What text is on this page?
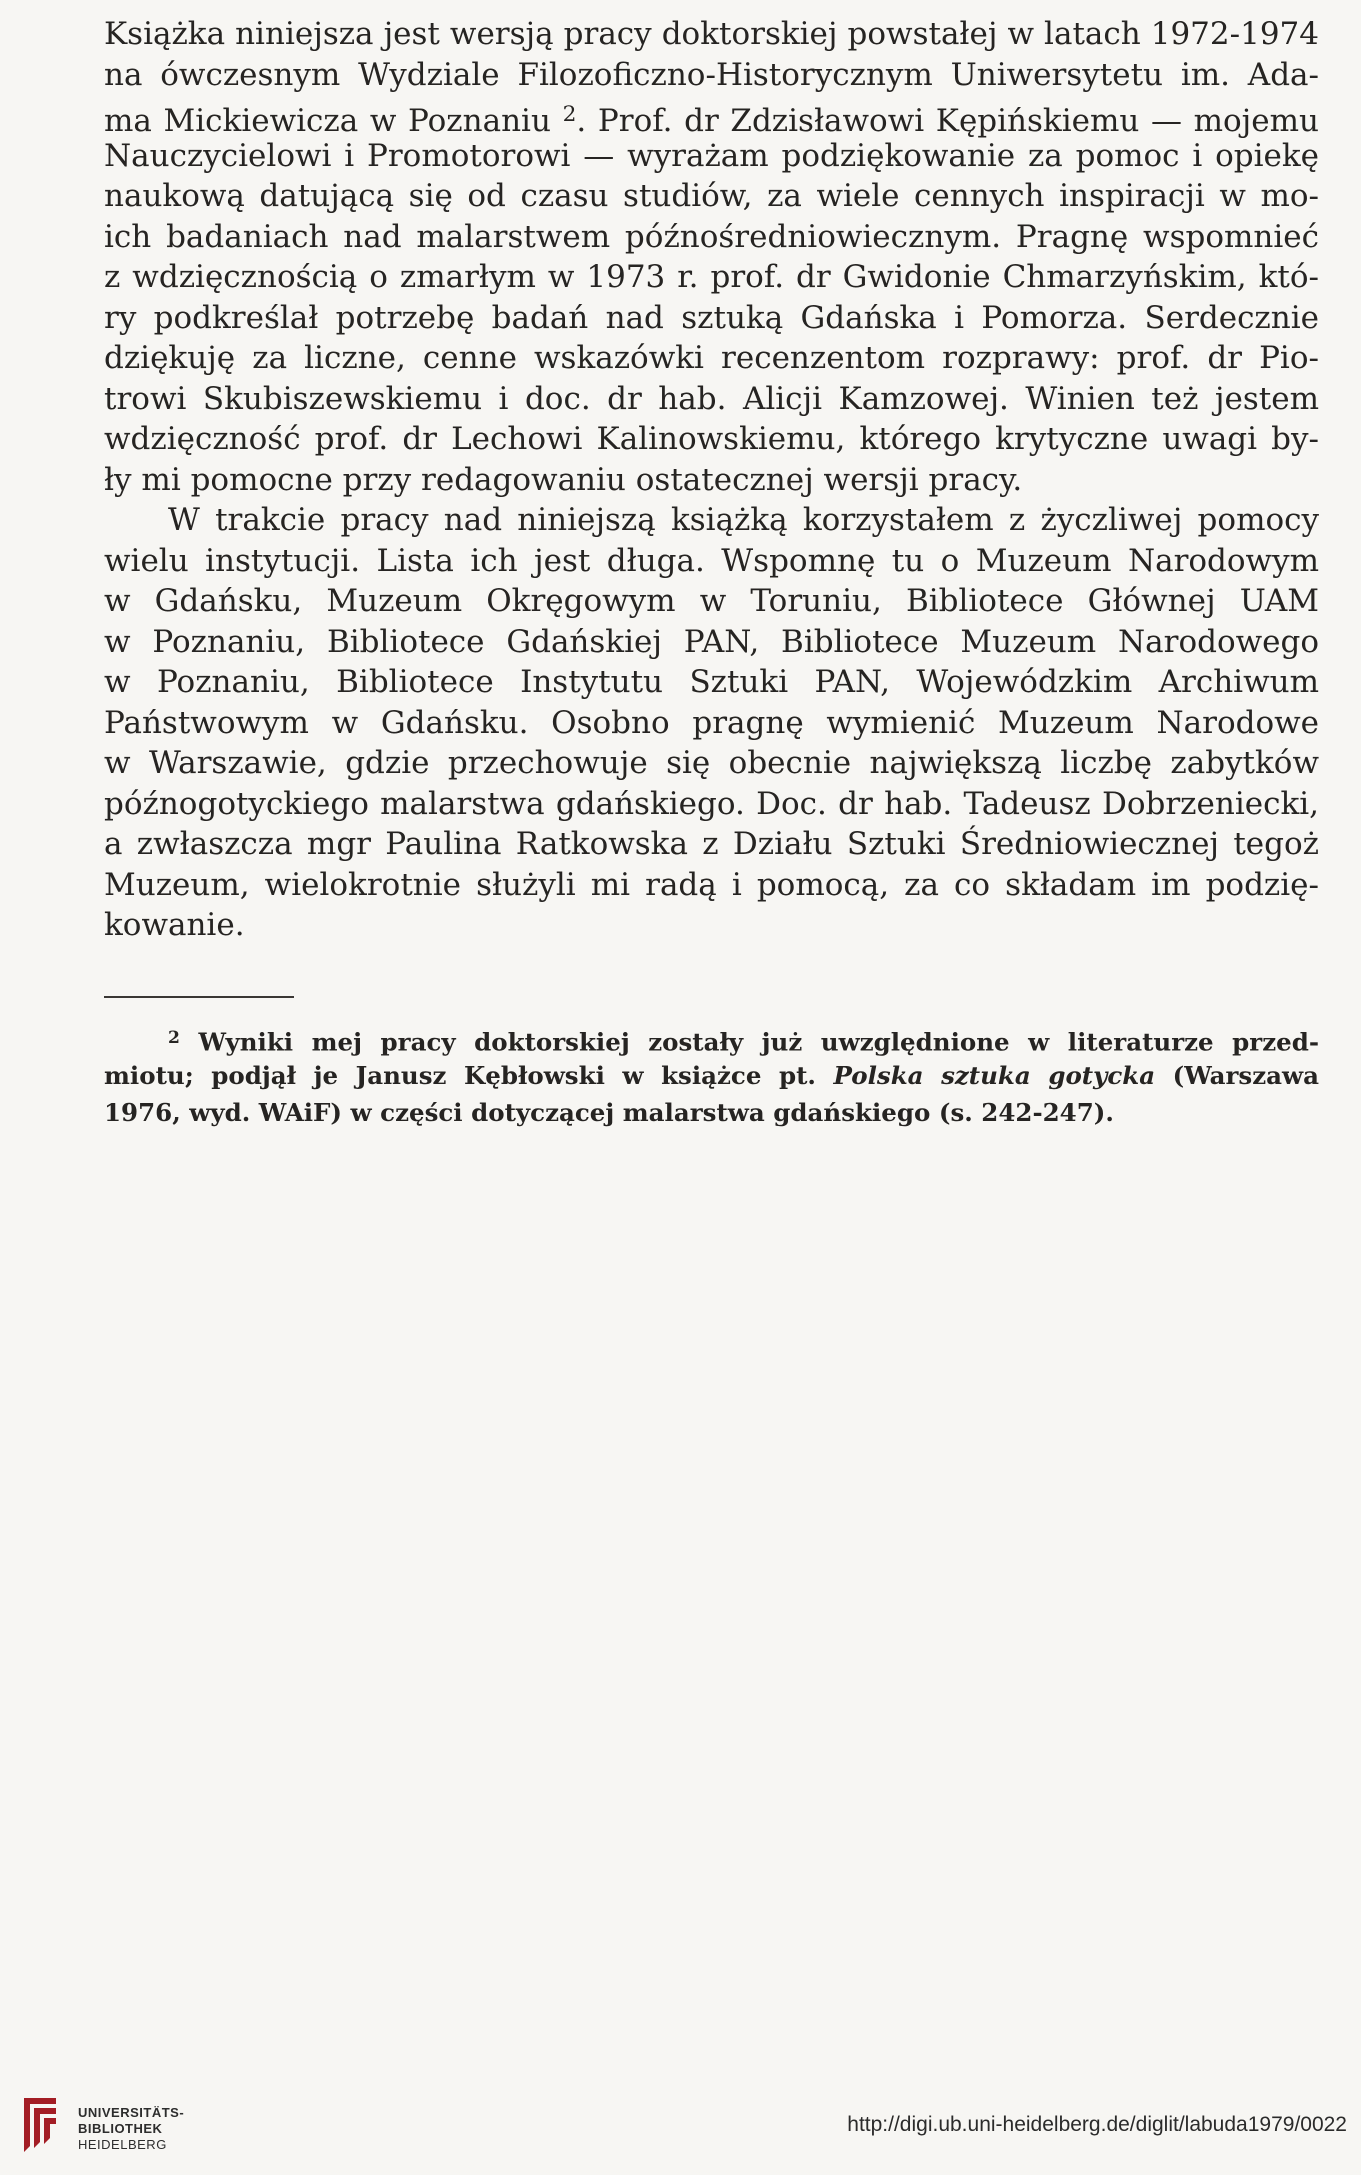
Książka niniejsza jest wersją pracy doktorskiej powstałej w latach 1972-1974
na ówczesnym Wydziale Filozoficzno-Historycznym Uniwersytetu im. Ada-
ma Mickiewicza w Poznaniu $^2$. Prof. dr Zdzisławowi Kępińskiemu — mojemu
Nauczycielowi i Promotorowi — wyrażam podziękowanie za pomoc i opiekę
naukową datującą się od czasu studiów, za wiele cennych inspiracji w mo-
ich badaniach nad malarstwem późnośredniowiecznym. Pragnę wspomnieć
z wdzięcznością o zmarłym w 1973 r. prof. dr Gwidonie Chmarzyńskim, któ-
ry podkreślał potrzebę badań nad sztuką Gdańska i Pomorza. Serdecznie
dziękuję za liczne, cenne wskazówki recenzentom rozprawy: prof. dr Pio-
trowi Skubiszewskiemu i doc. dr hab. Alicji Kamzowej. Winien też jestem
wdzięczność prof. dr Lechowi Kalinowskiemu, którego krytyczne uwagi by-
ły mi pomocne przy redagowaniu ostatecznej wersji pracy.
W trakcie pracy nad niniejszą książką korzystałem z życzliwej pomocy
wielu instytucji. Lista ich jest długa. Wspomnę tu o Muzeum Narodowym
w Gdańsku, Muzeum Okręgowym w Toruniu, Bibliotece Głównej UAM
w Poznaniu, Bibliotece Gdańskiej PAN, Bibliotece Muzeum Narodowego
w Poznaniu, Bibliotece Instytutu Sztuki PAN, Wojewódzkim Archiwum
Państwowym w Gdańsku. Osobno pragnę wymienić Muzeum Narodowe
w Warszawie, gdzie przechowuje się obecnie największą liczbę zabytków
późnogotyckiego malarstwa gdańskiego. Doc. dr hab. Tadeusz Dobrzeniecki,
a zwłaszcza mgr Paulina Ratkowska z Działu Sztuki Średniowiecznej tegoż
Muzeum, wielokrotnie służyli mi radą i pomocą, za co składam im podzię-
kowanie.
$^2$ Wyniki mej pracy doktorskiej zostały już uwzględnione w literaturze przed-
miotu; podjął je Janusz Kębłowski w książce pt. Polska sztuka gotycka (Warszawa
1976, wyd. WAiF) w części dotyczącej malarstwa gdańskiego (s. 242-247).
UNIVERSITÄTS-
BIBLIOTHEK
HEIDELBERG
http://digi.ub.uni-heidelberg.de/diglit/labuda1979/0022
